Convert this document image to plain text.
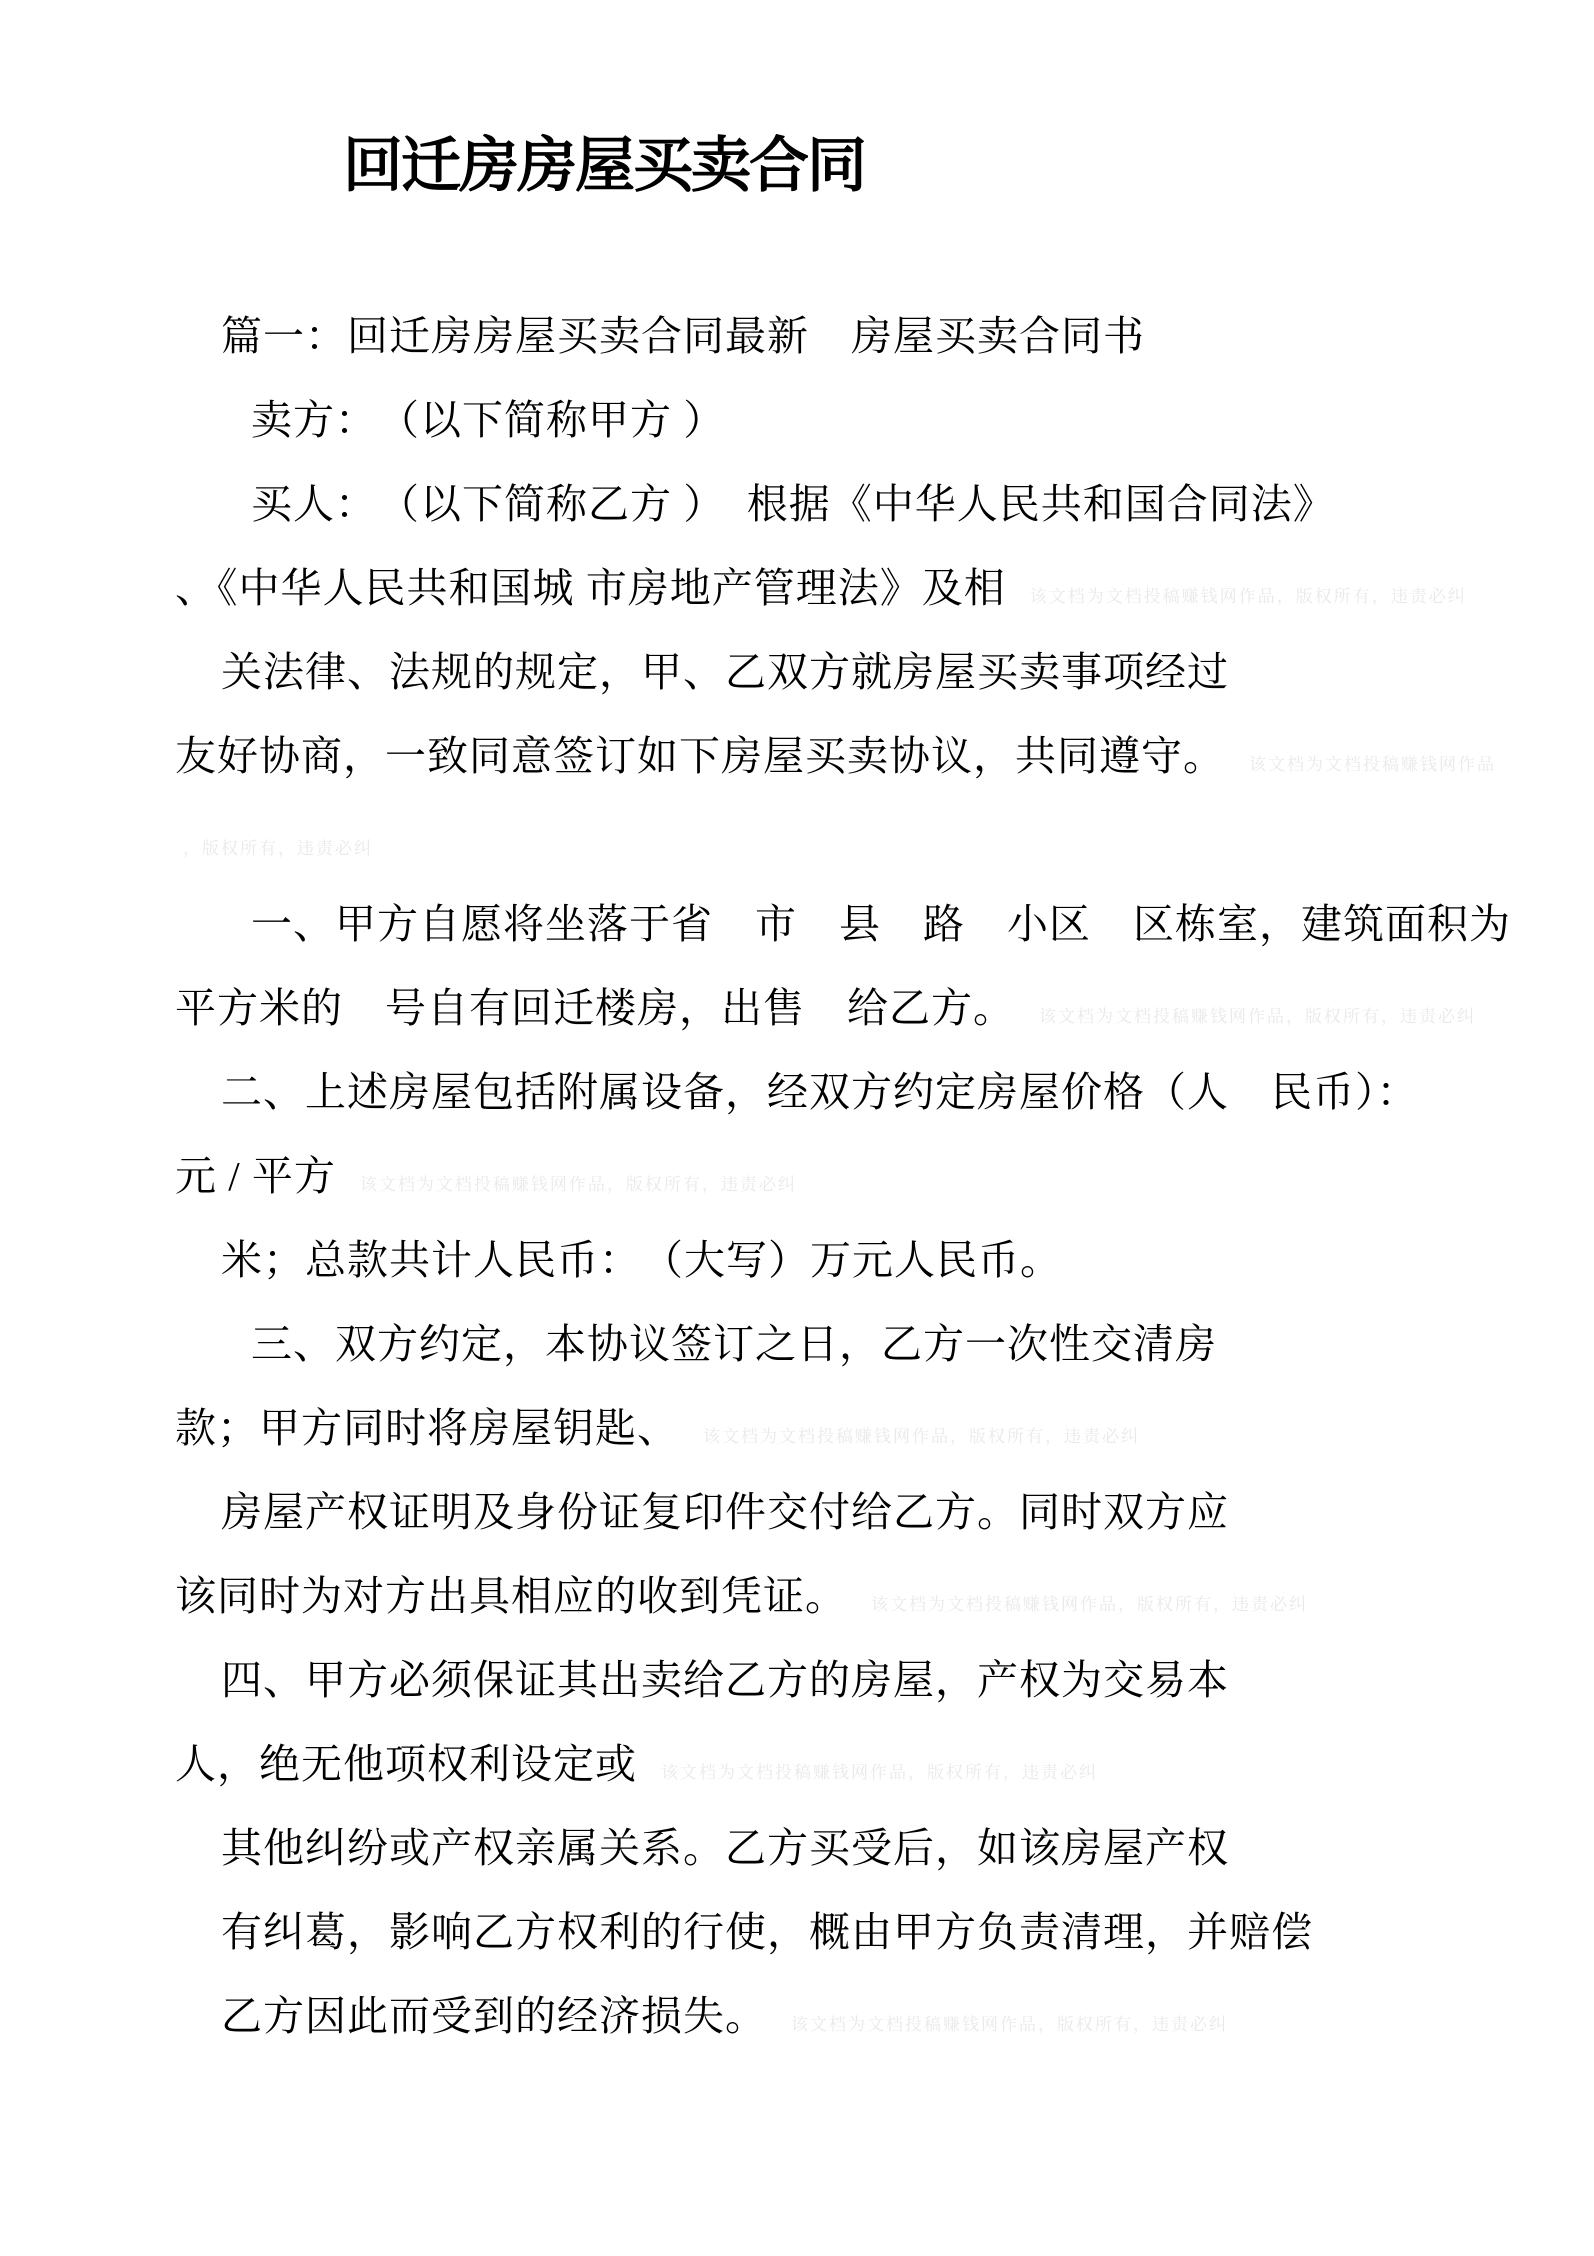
回迁房房屋买卖合同
篇一：回迁房房屋买卖合同最新　房屋买卖合同书
卖方：　（以下简称甲方 ）
买人：　（以下简称乙方 ）　根据《中华人民共和国合同法》
、《中华人民共和国城 市房地产管理法》及相 该文档为文档投稿赚钱网作品，版权所有，违责必纠
关法律、法规的规定，甲、乙双方就房屋买卖事项经过
友好协商，一致同意签订如下房屋买卖协议，共同遵守。 该文档为文档投稿赚钱网作品
，版权所有，违责必纠
一、甲方自愿将坐落于省　市　县　路　小区　区栋室，建筑面积为
平方米的　号自有回迁楼房，出售　给乙方。 该文档为文档投稿赚钱网作品，版权所有，违责必纠
二、上述房屋包括附属设备，经双方约定房屋价格（人　民币）：
元 / 平方 该文档为文档投稿赚钱网作品，版权所有，违责必纠
米；总款共计人民币：　（大写）万元人民币。
三、双方约定，本协议签订之日，乙方一次性交清房
款；甲方同时将房屋钥匙、 该文档为文档投稿赚钱网作品，版权所有，违责必纠
房屋产权证明及身份证复印件交付给乙方。同时双方应
该同时为对方出具相应的收到凭证。 该文档为文档投稿赚钱网作品，版权所有，违责必纠
四、甲方必须保证其出卖给乙方的房屋，产权为交易本
人，绝无他项权利设定或 该文档为文档投稿赚钱网作品，版权所有，违责必纠
其他纠纷或产权亲属关系。乙方买受后，如该房屋产权
有纠葛，影响乙方权利的行使，概由甲方负责清理，并赔偿
乙方因此而受到的经济损失。 该文档为文档投稿赚钱网作品，版权所有，违责必纠
